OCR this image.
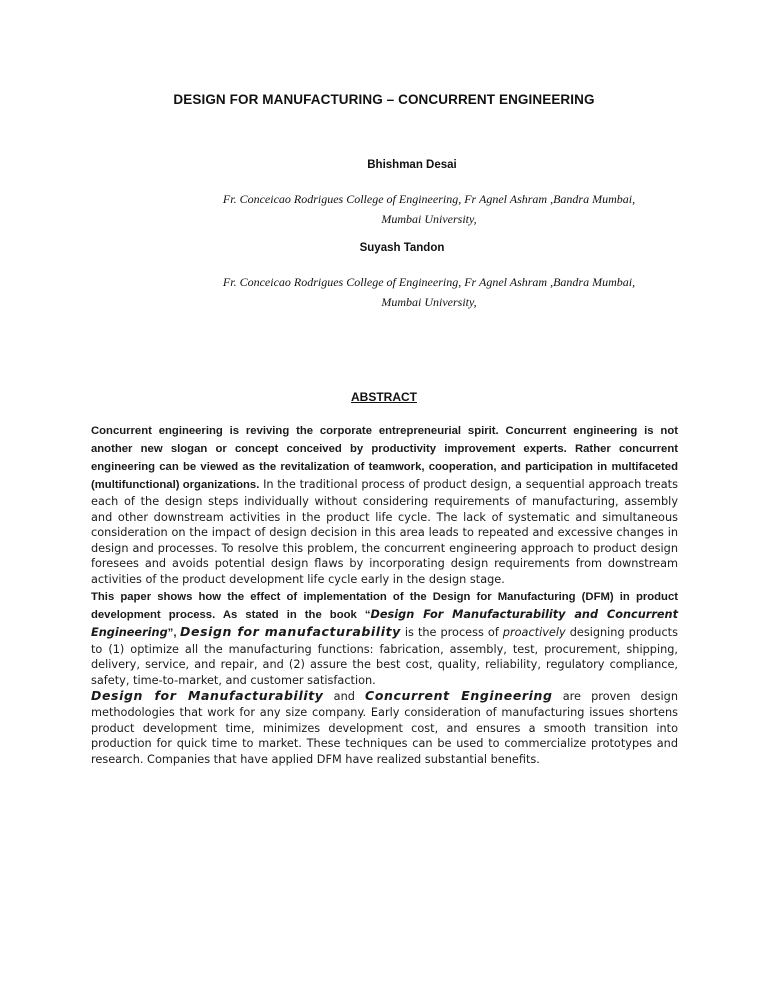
DESIGN FOR MANUFACTURING – CONCURRENT ENGINEERING
Bhishman Desai
Fr. Conceicao Rodrigues College of Engineering, Fr Agnel Ashram ,Bandra Mumbai,
Mumbai University,
Suyash Tandon
Fr. Conceicao Rodrigues College of Engineering, Fr Agnel Ashram ,Bandra Mumbai,
Mumbai University,
ABSTRACT

Concurrent engineering is reviving the corporate entrepreneurial spirit. Concurrent engineering is not another new slogan or concept conceived by productivity improvement experts. Rather concurrent engineering can be viewed as the revitalization of teamwork, cooperation, and participation in multifaceted (multifunctional) organizations. In the traditional process of product design, a sequential approach treats each of the design steps individually without considering requirements of manufacturing, assembly and other downstream activities in the product life cycle. The lack of systematic and simultaneous consideration on the impact of design decision in this area leads to repeated and excessive changes in design and processes. To resolve this problem, the concurrent engineering approach to product design foresees and avoids potential design flaws by incorporating design requirements from downstream activities of the product development life cycle early in the design stage.

This paper shows how the effect of implementation of the Design for Manufacturing (DFM) in product development process. As stated in the book “Design For Manufacturability and Concurrent Engineering”, Design for manufacturability is the process of proactively designing products to (1) optimize all the manufacturing functions: fabrication, assembly, test, procurement, shipping, delivery, service, and repair, and (2) assure the best cost, quality, reliability, regulatory compliance, safety, time-to-market, and customer satisfaction.

Design for Manufacturability and Concurrent Engineering are proven design methodologies that work for any size company. Early consideration of manufacturing issues shortens product development time, minimizes development cost, and ensures a smooth transition into production for quick time to market. These techniques can be used to commercialize prototypes and research. Companies that have applied DFM have realized substantial benefits.
